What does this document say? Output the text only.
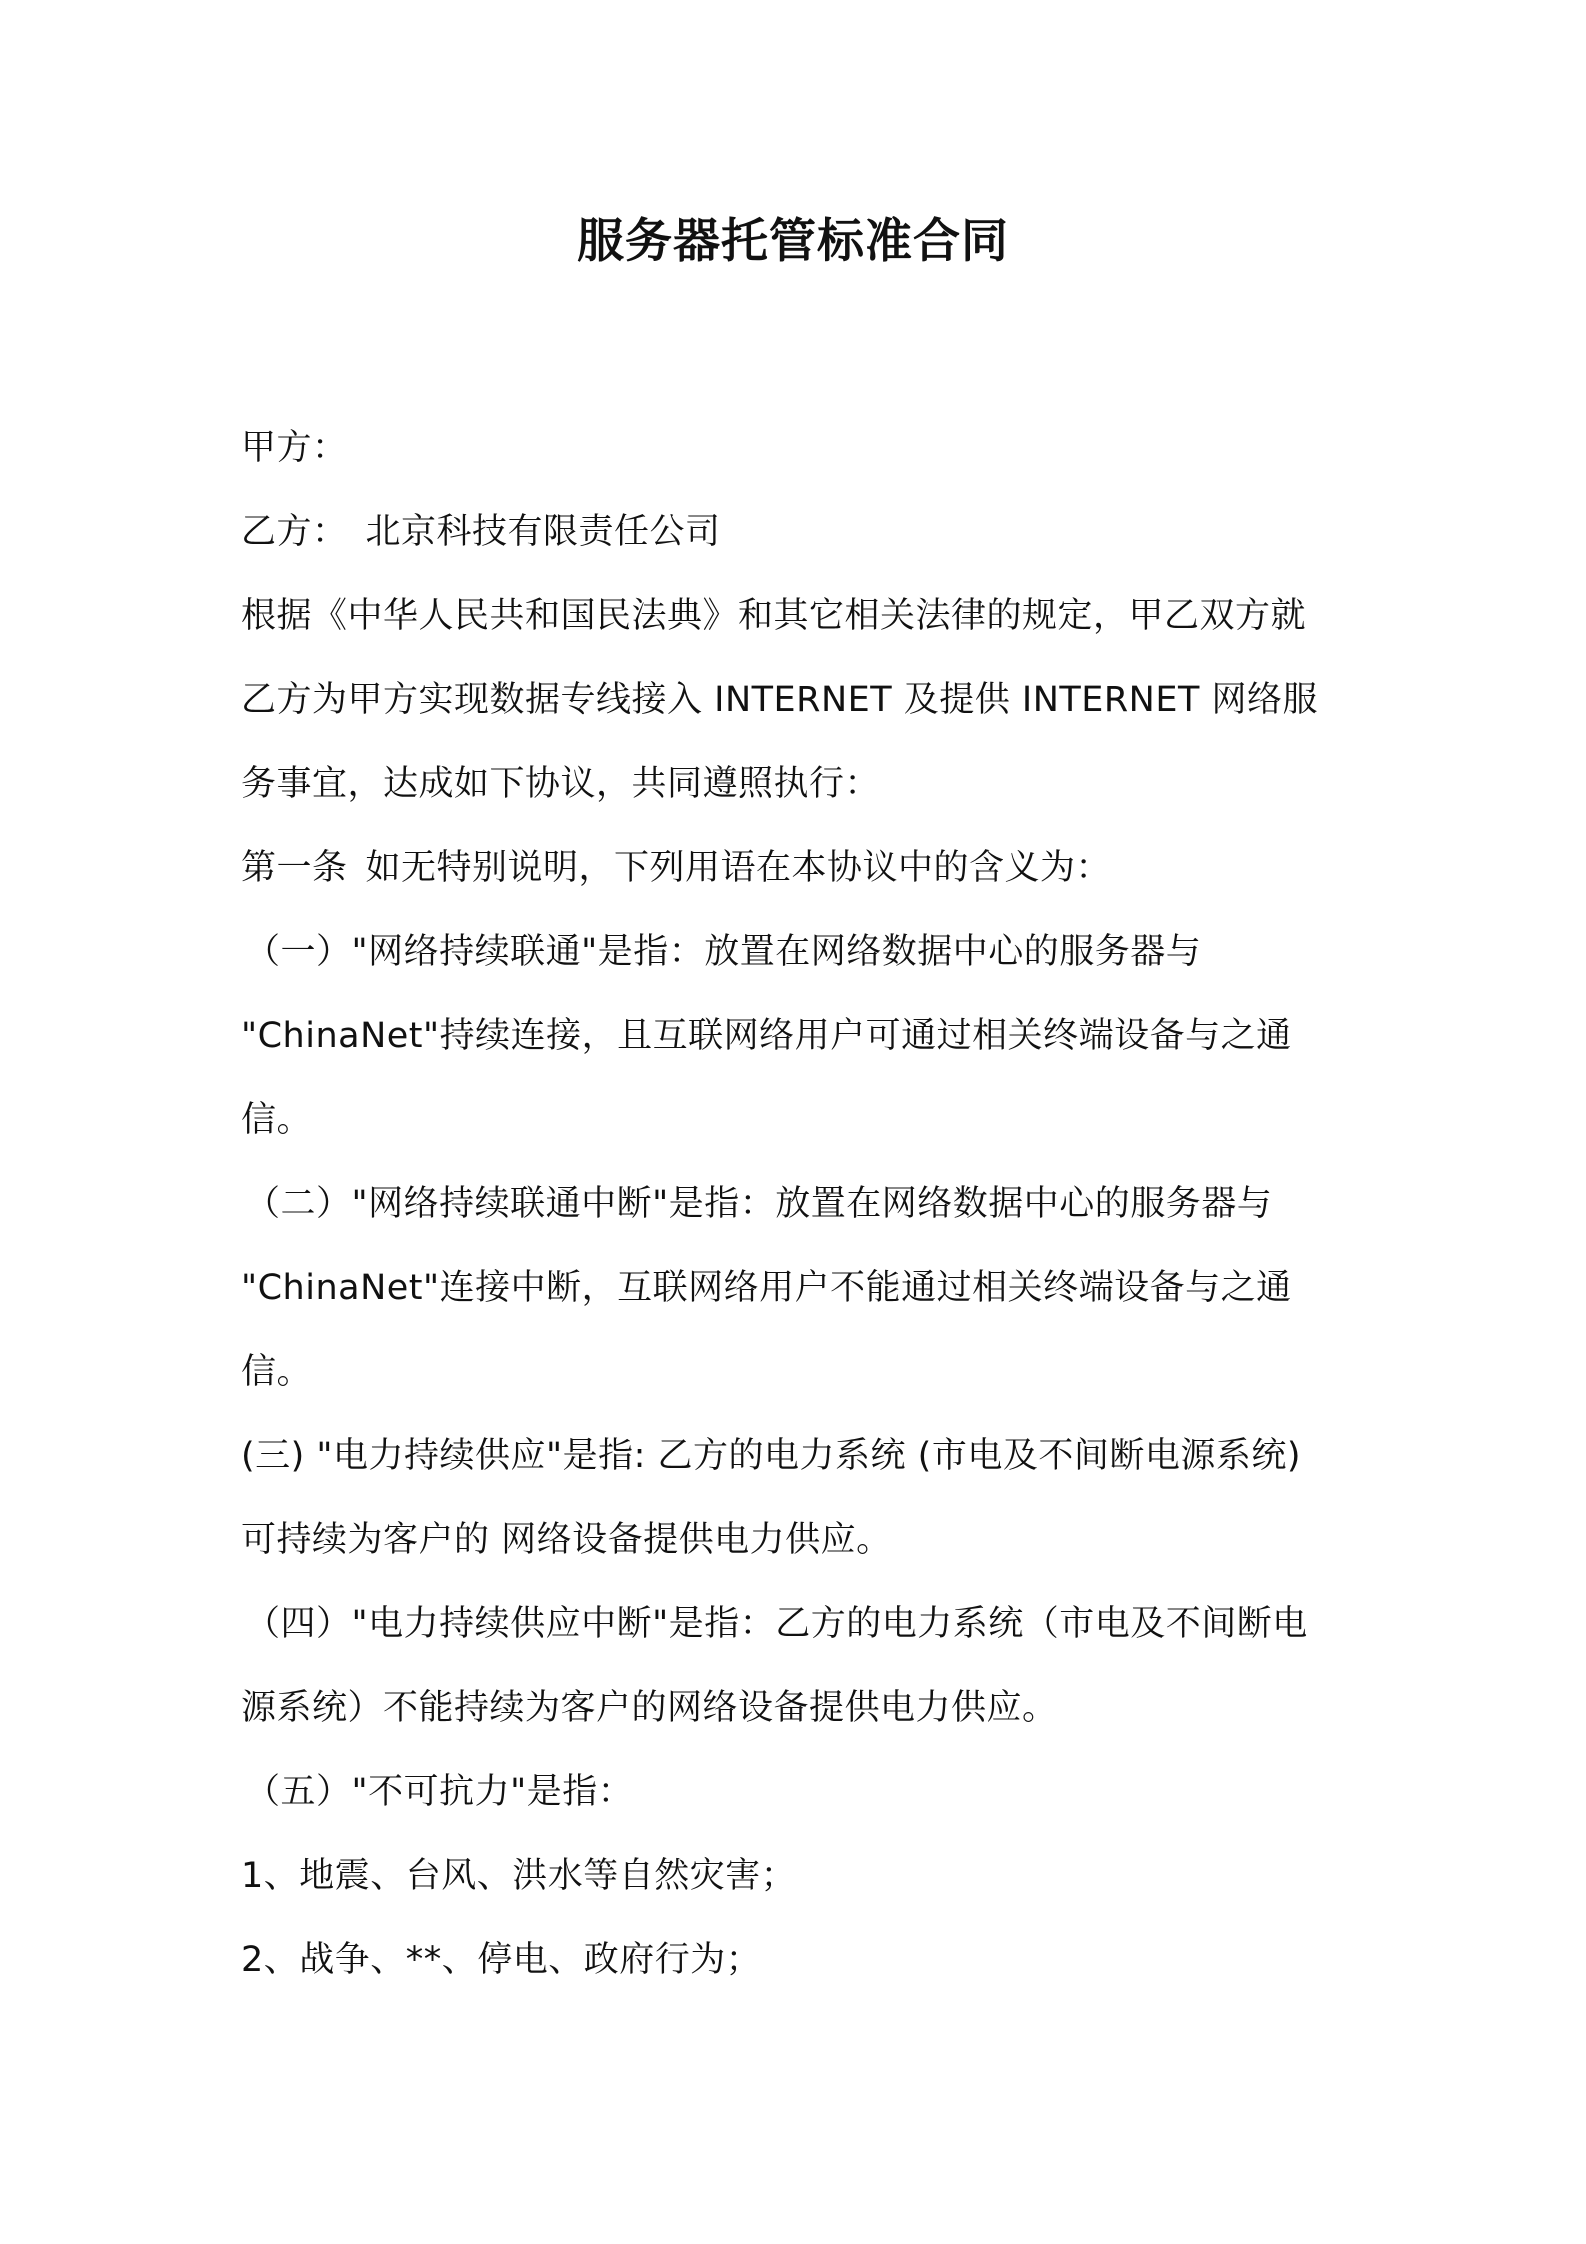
服务器托管标准合同
甲方：
乙方： 北京科技有限责任公司
根据《中华人民共和国民法典》和其它相关法律的规定，甲乙双方就
乙方为甲方实现数据专线接入 INTERNET 及提供 INTERNET 网络服
务事宜，达成如下协议，共同遵照执行：
第一条 如无特别说明，下列用语在本协议中的含义为：
（一）"网络持续联通"是指：放置在网络数据中心的服务器与
"ChinaNet"持续连接，且互联网络用户可通过相关终端设备与之通
信。
（二）"网络持续联通中断"是指：放置在网络数据中心的服务器与
"ChinaNet"连接中断，互联网络用户不能通过相关终端设备与之通
信。
(三) "电力持续供应"是指: 乙方的电力系统 (市电及不间断电源系统)
可持续为客户的 网络设备提供电力供应。
（四）"电力持续供应中断"是指：乙方的电力系统（市电及不间断电
源系统）不能持续为客户的网络设备提供电力供应。
（五）"不可抗力"是指：
1、地震、台风、洪水等自然灾害；
2、战争、**、停电、政府行为；
